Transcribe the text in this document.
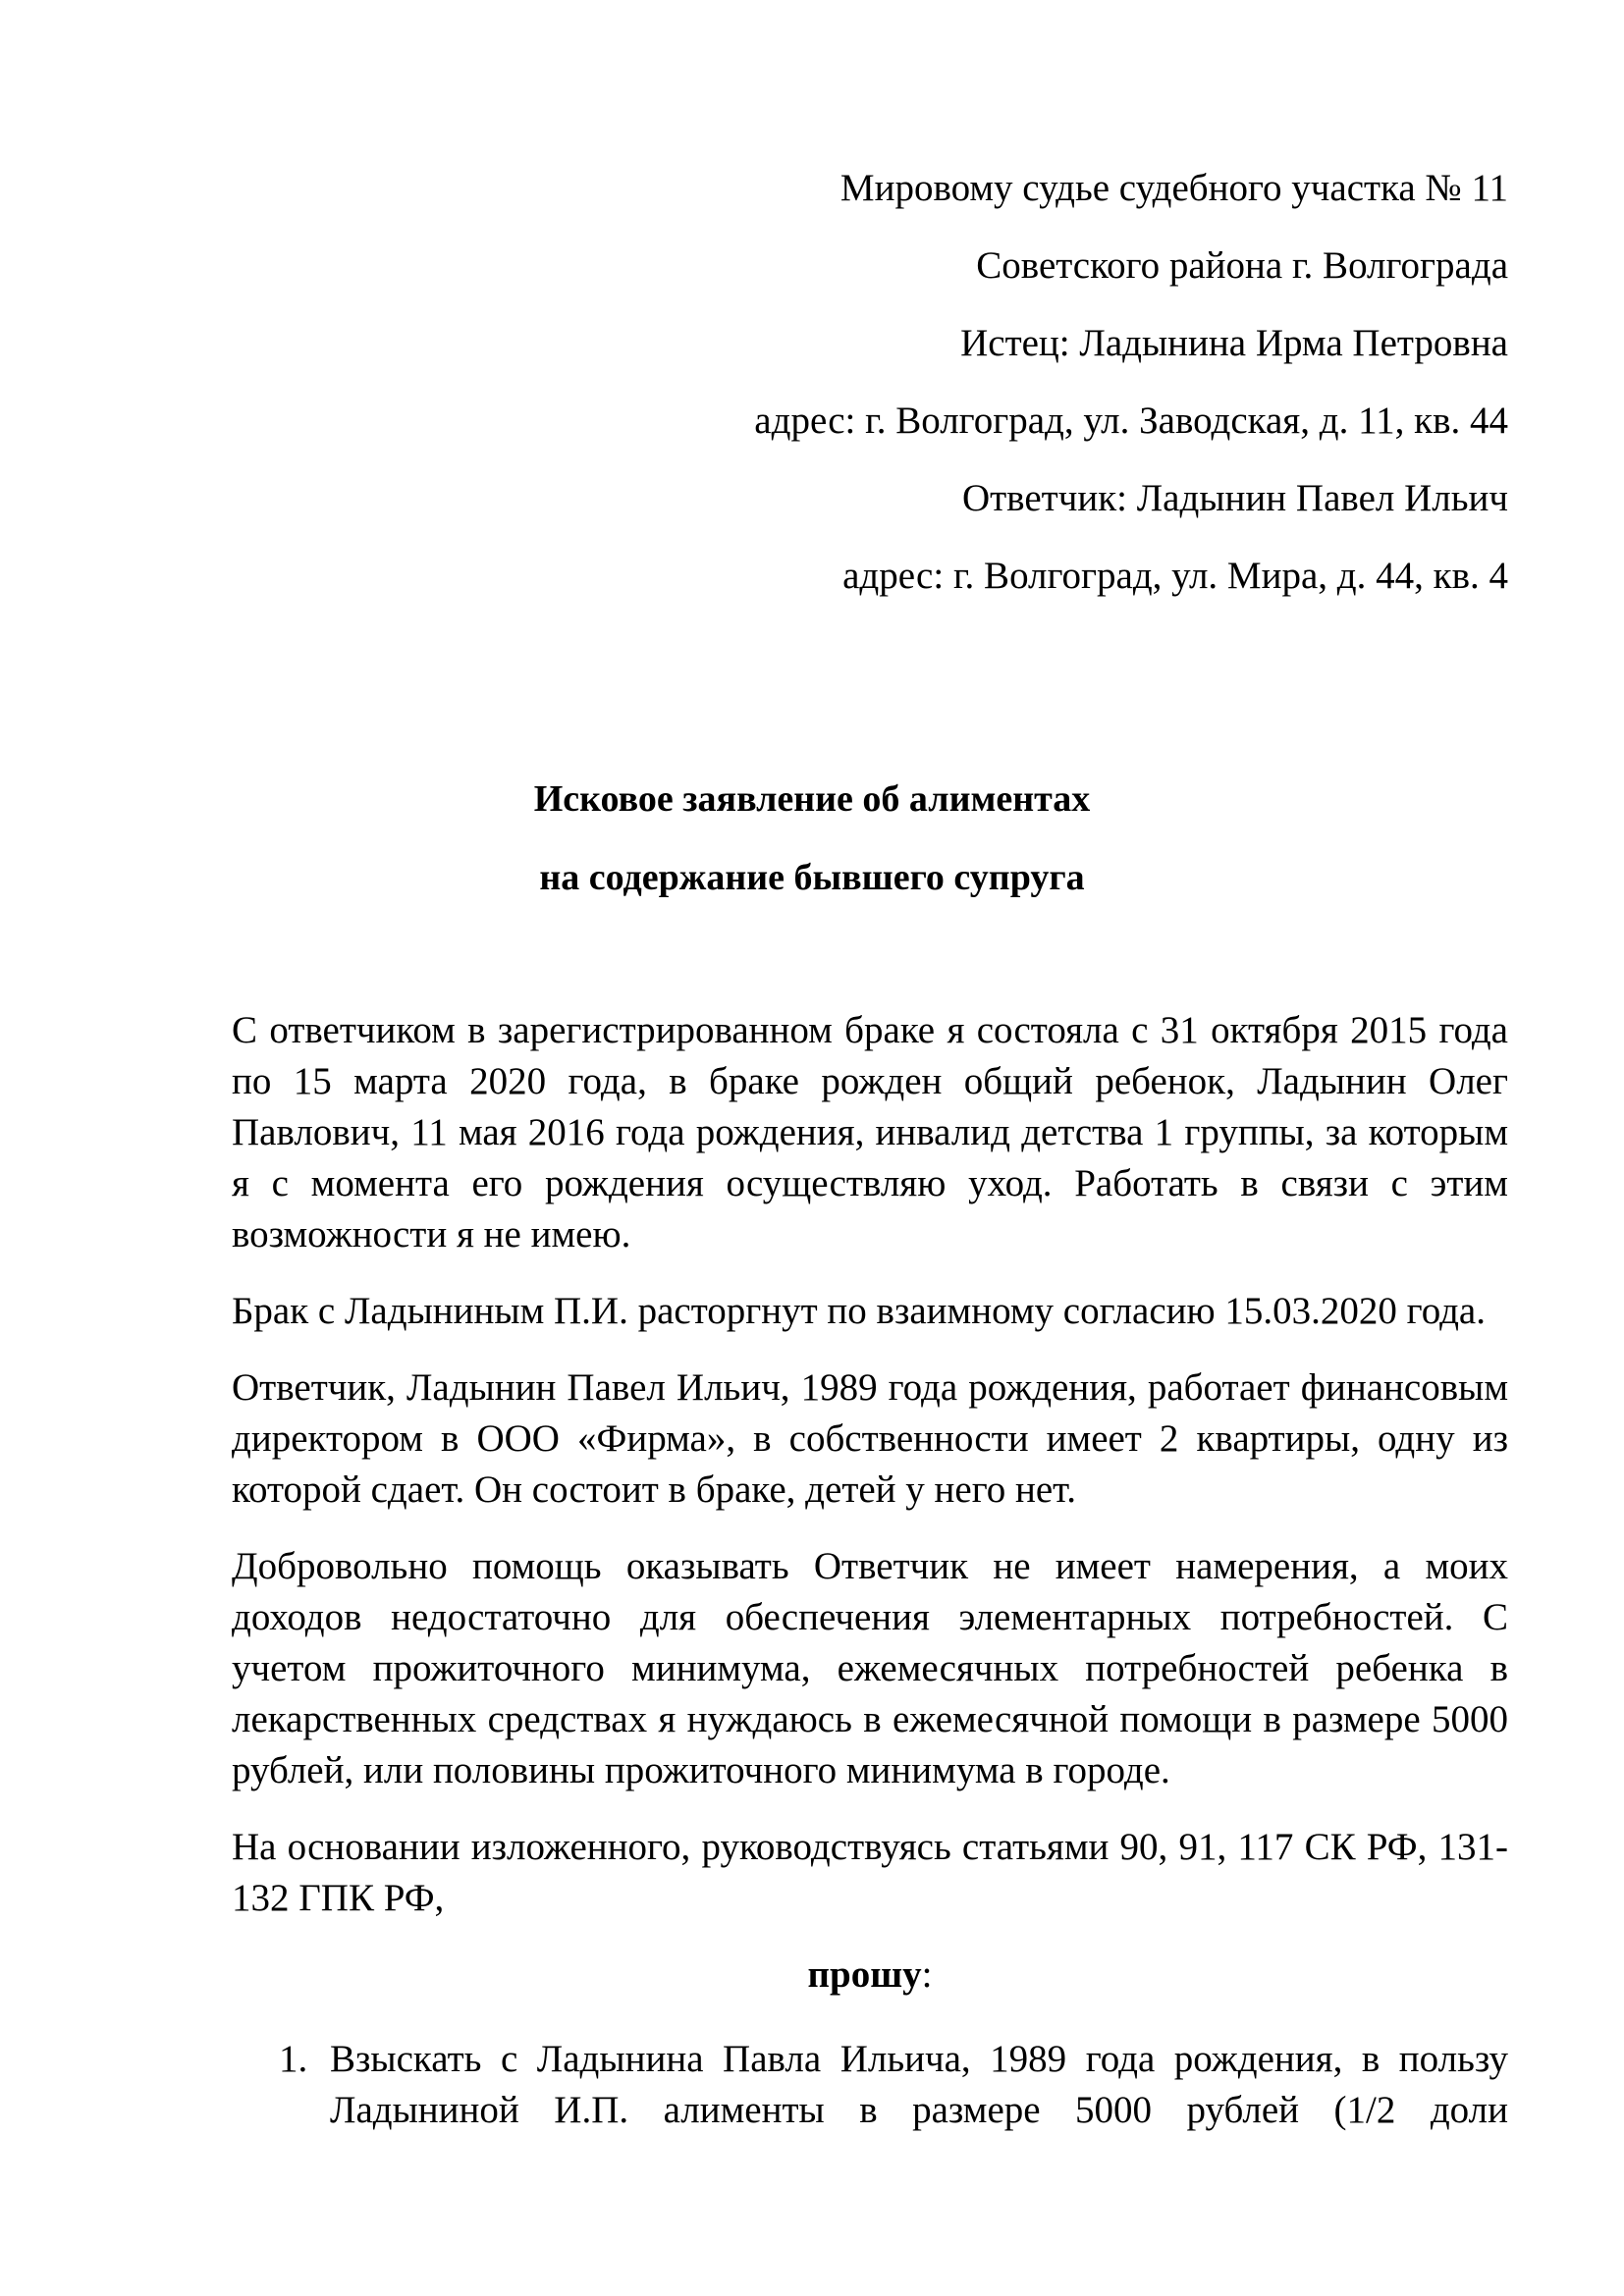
Мировому судье судебного участка № 11
Советского района г. Волгограда
Истец: Ладынина Ирма Петровна
адрес: г. Волгоград, ул. Заводская, д. 11, кв. 44
Ответчик: Ладынин Павел Ильич
адрес: г. Волгоград, ул. Мира, д. 44, кв. 4
Исковое заявление об алиментах
на содержание бывшего супруга

С ответчиком в зарегистрированном браке я состояла с 31 октября 2015 года по 15 марта 2020 года, в браке рожден общий ребенок, Ладынин Олег Павлович, 11 мая 2016 года рождения, инвалид детства 1 группы, за которым я с момента его рождения осуществляю уход. Работать в связи с этим возможности я не имею.

Брак с Ладыниным П.И. расторгнут по взаимному согласию 15.03.2020 года.

Ответчик, Ладынин Павел Ильич, 1989 года рождения, работает финансовым директором в ООО «Фирма», в собственности имеет 2 квартиры, одну из которой сдает. Он состоит в браке, детей у него нет.

Добровольно помощь оказывать Ответчик не имеет намерения, а моих доходов недостаточно для обеспечения элементарных потребностей. С учетом прожиточного минимума, ежемесячных потребностей ребенка в лекарственных средствах я нуждаюсь в ежемесячной помощи в размере 5000 рублей, или половины прожиточного минимума в городе.

На основании изложенного, руководствуясь статьями 90, 91, 117 СК РФ, 131-132 ГПК РФ,

прошу:
1. Взыскать с Ладынина Павла Ильича, 1989 года рождения, в пользу Ладыниной И.П. алименты в размере 5000 рублей (1/2 доли
